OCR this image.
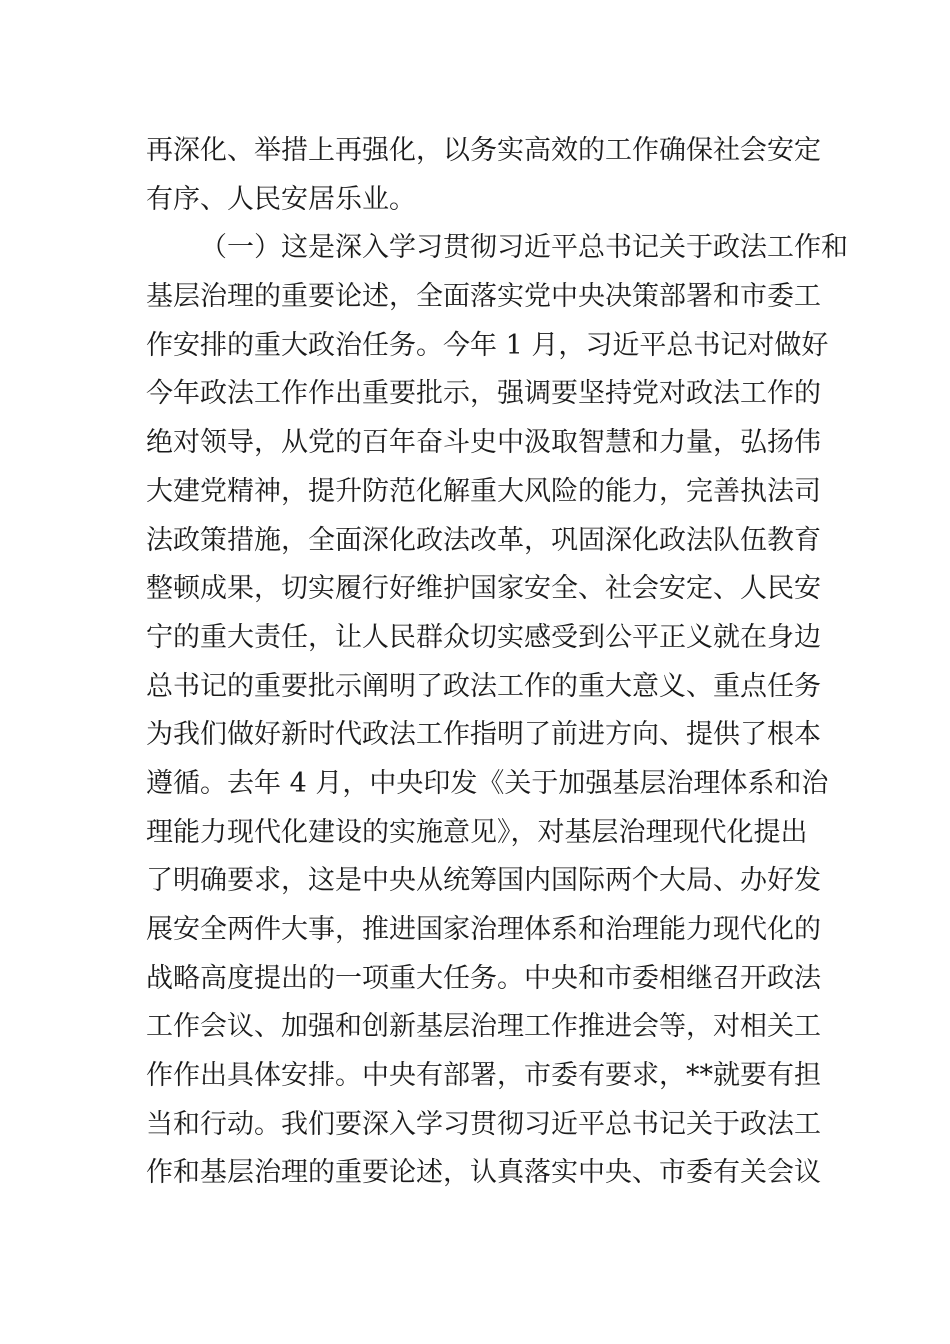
再深化、举措上再强化，以务实高效的工作确保社会安定
有序、人民安居乐业。
（一）这是深入学习贯彻习近平总书记关于政法工作和
基层治理的重要论述，全面落实党中央决策部署和市委工
作安排的重大政治任务。今年 1 月，习近平总书记对做好
今年政法工作作出重要批示，强调要坚持党对政法工作的
绝对领导，从党的百年奋斗史中汲取智慧和力量，弘扬伟
大建党精神，提升防范化解重大风险的能力，完善执法司
法政策措施，全面深化政法改革，巩固深化政法队伍教育
整顿成果，切实履行好维护国家安全、社会安定、人民安
宁的重大责任，让人民群众切实感受到公平正义就在身边
总书记的重要批示阐明了政法工作的重大意义、重点任务
为我们做好新时代政法工作指明了前进方向、提供了根本
遵循。去年 4 月，中央印发《关于加强基层治理体系和治
理能力现代化建设的实施意见》，对基层治理现代化提出
了明确要求，这是中央从统筹国内国际两个大局、办好发
展安全两件大事，推进国家治理体系和治理能力现代化的
战略高度提出的一项重大任务。中央和市委相继召开政法
工作会议、加强和创新基层治理工作推进会等，对相关工
作作出具体安排。中央有部署，市委有要求，**就要有担
当和行动。我们要深入学习贯彻习近平总书记关于政法工
作和基层治理的重要论述，认真落实中央、市委有关会议
